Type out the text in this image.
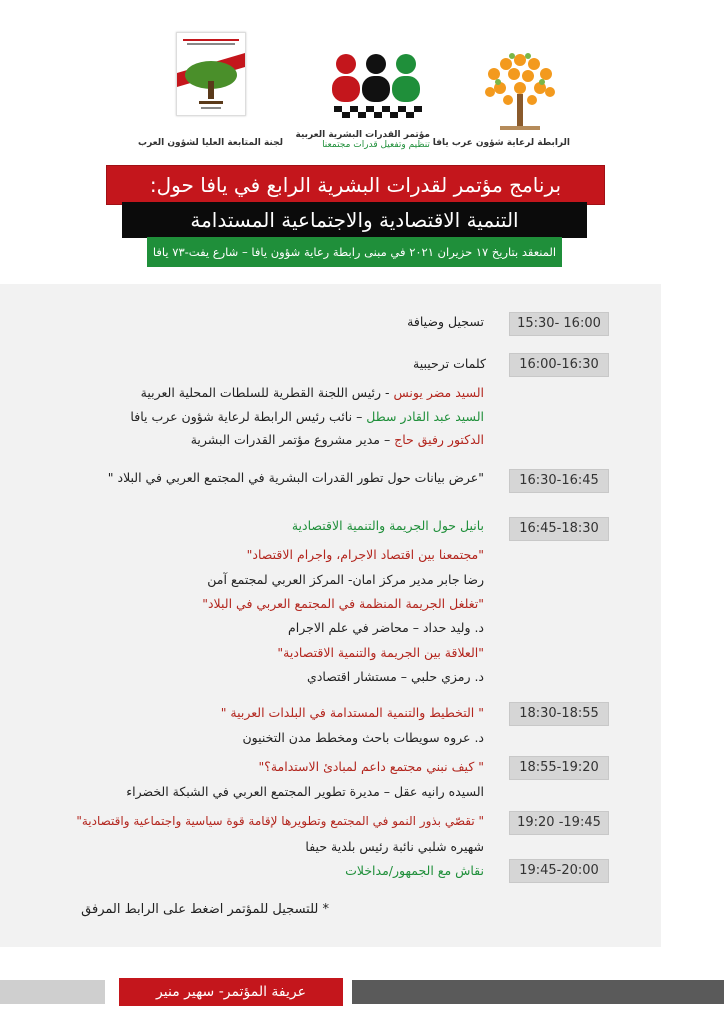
الرابطة لرعاية شؤون عرب يافا
مؤتمر القدرات البشرية العربية
تنظيم وتفعيل قدرات مجتمعنا
لجنة المتابعة العليا لشؤون العرب
برنامج مؤتمر لقدرات البشرية الرابع في يافا حول:
التنمية الاقتصادية والاجتماعية المستدامة
المنعقد بتاريخ ١٧ حزيران ٢٠٢١ في مبنى رابطة رعاية شؤون يافا – شارع يفت-٧٣ يافا
15:30- 16:00
تسجيل وضيافة
16:00-16:30
كلمات ترحيبية
السيد مضر يونس - رئيس اللجنة القطرية للسلطات المحلية العربية
السيد عبد القادر سطل – نائب رئيس الرابطة لرعاية شؤون عرب يافا
الدكتور رفيق حاج – مدير مشروع مؤتمر القدرات البشرية
16:30-16:45
"عرض بيانات حول تطور القدرات البشرية في المجتمع العربي في البلاد "
16:45-18:30
بانيل حول الجريمة والتنمية الاقتصادية
"مجتمعنا بين اقتصاد الاجرام، واجرام الاقتصاد"
رضا جابر مدير مركز امان- المركز العربي لمجتمع آمن
"تغلغل الجريمة المنظمة في المجتمع العربي في البلاد"
د. وليد حداد – محاضر في علم الاجرام
"العلاقة بين الجريمة والتنمية الاقتصادية"
د. رمزي حلبي – مستشار اقتصادي
18:30-18:55
" التخطيط والتنمية المستدامة في البلدات العربية "
د. عروه سويطات باحث ومخطط مدن التخنيون
18:55-19:20
" كيف نبني مجتمع داعم لمبادئ الاستدامة؟"
السيده رانيه عقل – مديرة تطوير المجتمع العربي في الشبكة الخضراء
19:20 -19:45
" تقصّي بذور النمو في المجتمع وتطويرها لإقامة قوة سياسية واجتماعية واقتصادية"
شهيره شلبي نائبة رئيس بلدية حيفا
19:45-20:00
نقاش مع الجمهور/مداخلات
* للتسجيل للمؤتمر اضغط على الرابط المرفق
عريفة المؤتمر- سهير منير
